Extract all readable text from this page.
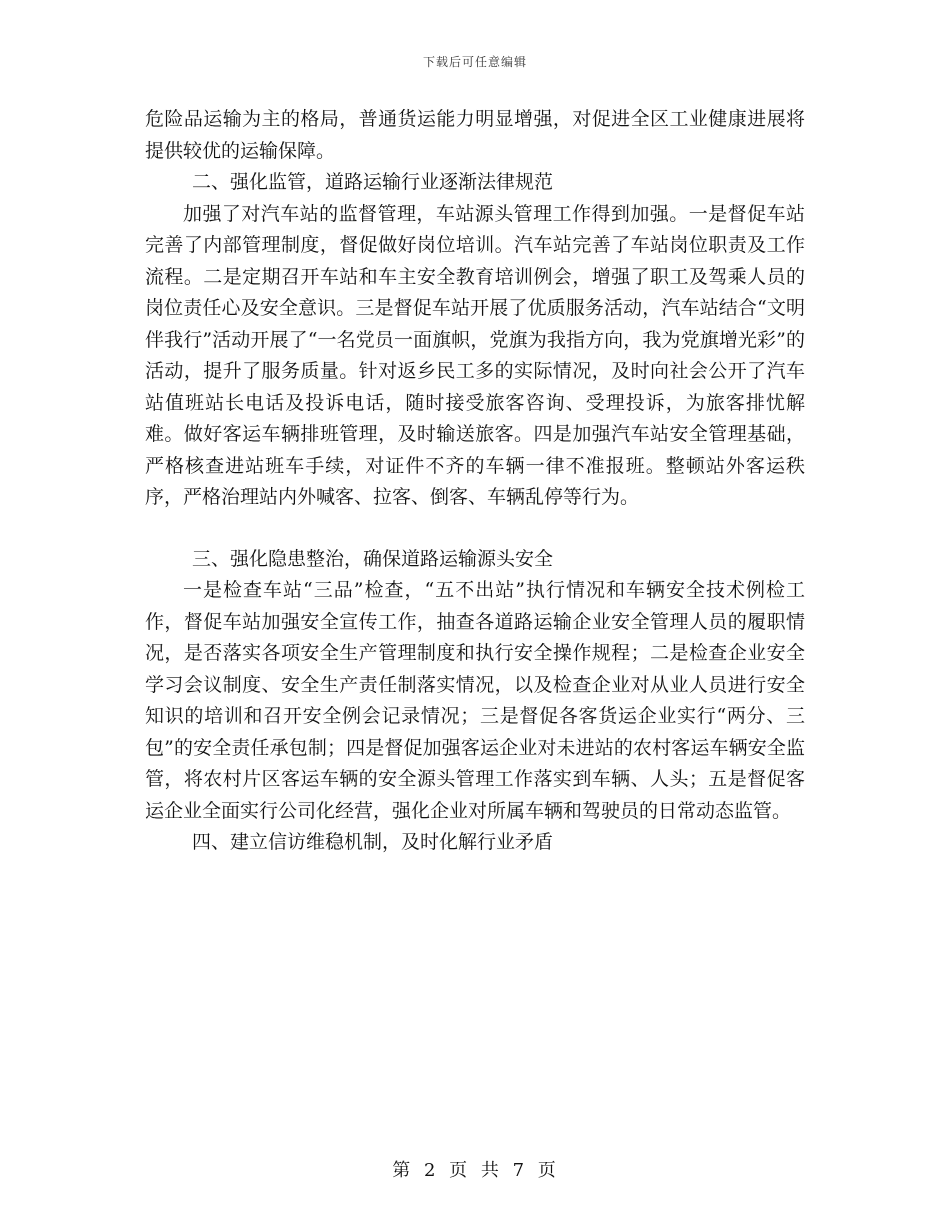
下载后可任意编辑

危险品运输为主的格局，普通货运能力明显增强，对促进全区工业健康进展将提供较优的运输保障。

二、强化监管，道路运输行业逐渐法律规范

加强了对汽车站的监督管理，车站源头管理工作得到加强。一是督促车站完善了内部管理制度，督促做好岗位培训。汽车站完善了车站岗位职责及工作流程。二是定期召开车站和车主安全教育培训例会，增强了职工及驾乘人员的岗位责任心及安全意识。三是督促车站开展了优质服务活动，汽车站结合“文明伴我行”活动开展了“一名党员一面旗帜，党旗为我指方向，我为党旗增光彩”的活动，提升了服务质量。针对返乡民工多的实际情况，及时向社会公开了汽车站值班站长电话及投诉电话，随时接受旅客咨询、受理投诉，为旅客排忧解难。做好客运车辆排班管理，及时输送旅客。四是加强汽车站安全管理基础，严格核查进站班车手续，对证件不齐的车辆一律不准报班。整顿站外客运秩序，严格治理站内外喊客、拉客、倒客、车辆乱停等行为。

三、强化隐患整治，确保道路运输源头安全

一是检查车站“三品”检查，“五不出站”执行情况和车辆安全技术例检工作，督促车站加强安全宣传工作，抽查各道路运输企业安全管理人员的履职情况，是否落实各项安全生产管理制度和执行安全操作规程；二是检查企业安全学习会议制度、安全生产责任制落实情况，以及检查企业对从业人员进行安全知识的培训和召开安全例会记录情况；三是督促各客货运企业实行“两分、三包”的安全责任承包制；四是督促加强客运企业对未进站的农村客运车辆安全监管，将农村片区客运车辆的安全源头管理工作落实到车辆、人头；五是督促客运企业全面实行公司化经营，强化企业对所属车辆和驾驶员的日常动态监管。

四、建立信访维稳机制，及时化解行业矛盾

第 2 页 共 7 页
